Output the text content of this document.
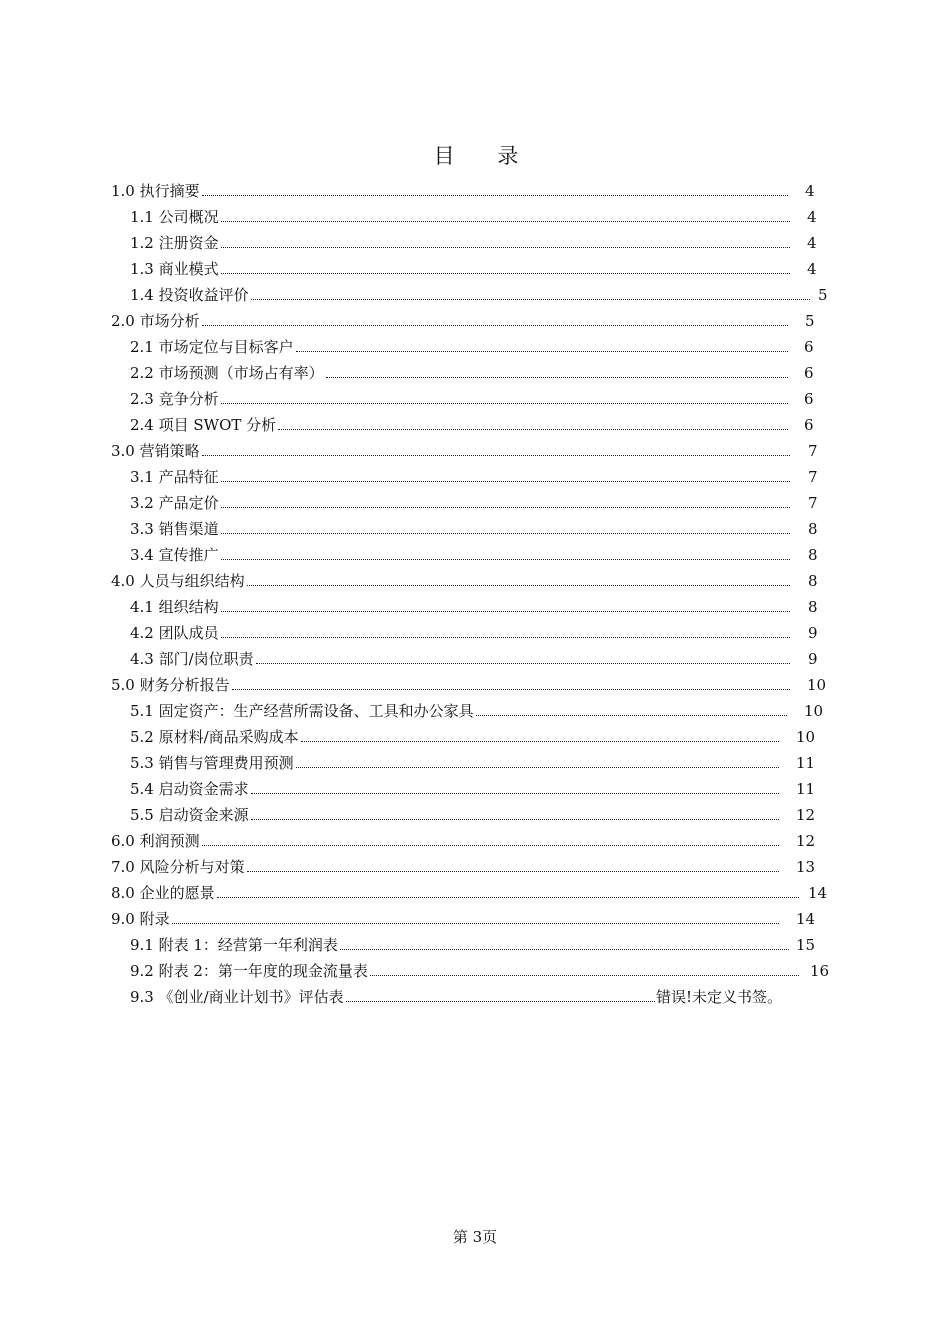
目 录
1.0 执行摘要	4
1.1 公司概况	4
1.2 注册资金	4
1.3 商业模式	4
1.4 投资收益评价	5
2.0 市场分析	5
2.1 市场定位与目标客户	6
2.2 市场预测（市场占有率）	6
2.3 竞争分析	6
2.4 项目 SWOT 分析	6
3.0 营销策略	7
3.1 产品特征	7
3.2 产品定价	7
3.3 销售渠道	8
3.4 宣传推广	8
4.0 人员与组织结构	8
4.1 组织结构	8
4.2 团队成员	9
4.3 部门/岗位职责	9
5.0 财务分析报告	10
5.1 固定资产：生产经营所需设备、工具和办公家具	10
5.2 原材料/商品采购成本	10
5.3 销售与管理费用预测	11
5.4 启动资金需求	11
5.5 启动资金来源	12
6.0 利润预测	12
7.0 风险分析与对策	13
8.0 企业的愿景	14
9.0 附录	14
9.1 附表 1：经营第一年利润表	15
9.2 附表 2：第一年度的现金流量表	16
9.3 《创业/商业计划书》评估表	错误!未定义书签。
第 3页
